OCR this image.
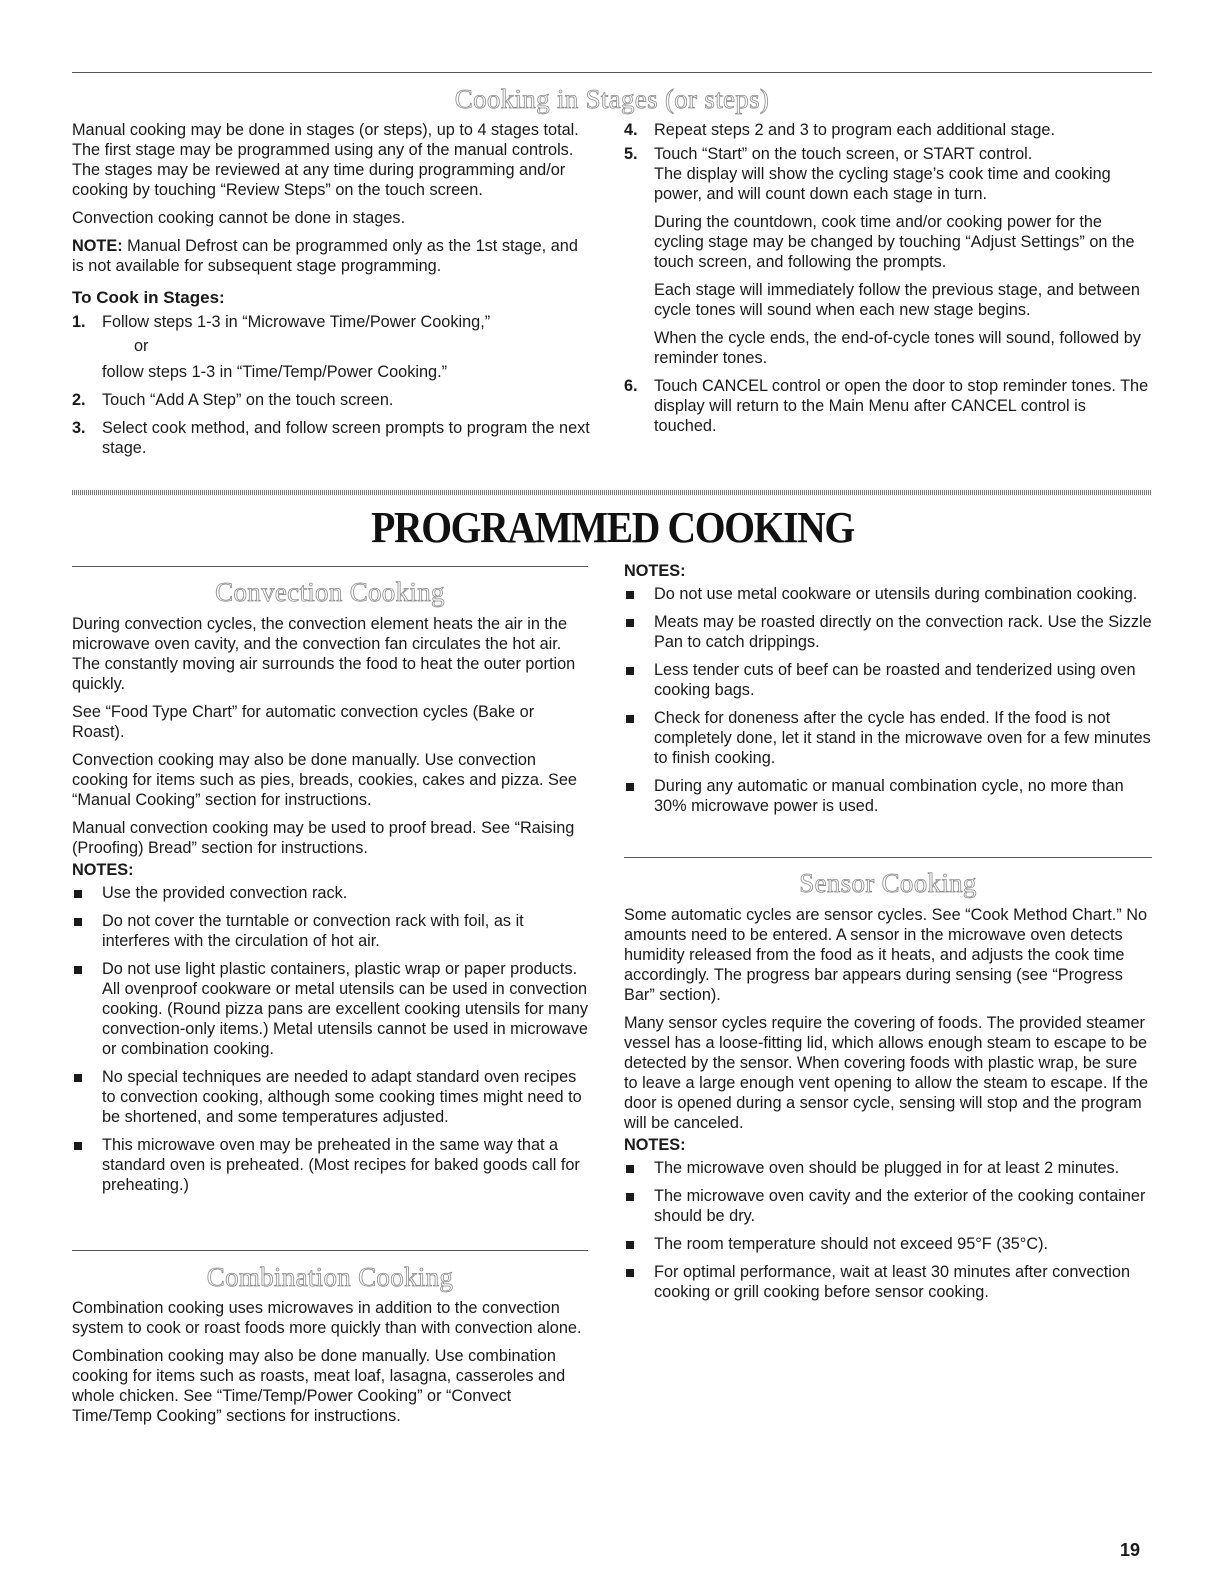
Cooking in Stages (or steps)

Manual cooking may be done in stages (or steps), up to 4 stages total. The first stage may be programmed using any of the manual controls. The stages may be reviewed at any time during programming and/or cooking by touching “Review Steps” on the touch screen.

Convection cooking cannot be done in stages.

NOTE: Manual Defrost can be programmed only as the 1st stage, and is not available for subsequent stage programming.

To Cook in Stages:
1. Follow steps 1-3 in “Microwave Time/Power Cooking,”
or
follow steps 1-3 in “Time/Temp/Power Cooking.”
2. Touch “Add A Step” on the touch screen.
3. Select cook method, and follow screen prompts to program the next stage.
4. Repeat steps 2 and 3 to program each additional stage.
5. Touch “Start” on the touch screen, or START control.

The display will show the cycling stage’s cook time and cooking power, and will count down each stage in turn.

During the countdown, cook time and/or cooking power for the cycling stage may be changed by touching “Adjust Settings” on the touch screen, and following the prompts.

Each stage will immediately follow the previous stage, and between cycle tones will sound when each new stage begins.

When the cycle ends, the end-of-cycle tones will sound, followed by reminder tones.

6. Touch CANCEL control or open the door to stop reminder tones. The display will return to the Main Menu after CANCEL control is touched.
PROGRAMMED COOKING
Convection Cooking

During convection cycles, the convection element heats the air in the microwave oven cavity, and the convection fan circulates the hot air. The constantly moving air surrounds the food to heat the outer portion quickly.

See “Food Type Chart” for automatic convection cycles (Bake or Roast).

Convection cooking may also be done manually. Use convection cooking for items such as pies, breads, cookies, cakes and pizza. See “Manual Cooking” section for instructions.

Manual convection cooking may be used to proof bread. See “Raising (Proofing) Bread” section for instructions.

NOTES:
Use the provided convection rack.
Do not cover the turntable or convection rack with foil, as it interferes with the circulation of hot air.
Do not use light plastic containers, plastic wrap or paper products. All ovenproof cookware or metal utensils can be used in convection cooking. (Round pizza pans are excellent cooking utensils for many convection-only items.) Metal utensils cannot be used in microwave or combination cooking.
No special techniques are needed to adapt standard oven recipes to convection cooking, although some cooking times might need to be shortened, and some temperatures adjusted.
This microwave oven may be preheated in the same way that a standard oven is preheated. (Most recipes for baked goods call for preheating.)
Combination Cooking

Combination cooking uses microwaves in addition to the convection system to cook or roast foods more quickly than with convection alone.

Combination cooking may also be done manually. Use combination cooking for items such as roasts, meat loaf, lasagna, casseroles and whole chicken. See “Time/Temp/Power Cooking” or “Convect Time/Temp Cooking” sections for instructions.

NOTES:
Do not use metal cookware or utensils during combination cooking.
Meats may be roasted directly on the convection rack. Use the Sizzle Pan to catch drippings.
Less tender cuts of beef can be roasted and tenderized using oven cooking bags.
Check for doneness after the cycle has ended. If the food is not completely done, let it stand in the microwave oven for a few minutes to finish cooking.
During any automatic or manual combination cycle, no more than 30% microwave power is used.
Sensor Cooking

Some automatic cycles are sensor cycles. See “Cook Method Chart.” No amounts need to be entered. A sensor in the microwave oven detects humidity released from the food as it heats, and adjusts the cook time accordingly. The progress bar appears during sensing (see “Progress Bar” section).

Many sensor cycles require the covering of foods. The provided steamer vessel has a loose-fitting lid, which allows enough steam to escape to be detected by the sensor. When covering foods with plastic wrap, be sure to leave a large enough vent opening to allow the steam to escape. If the door is opened during a sensor cycle, sensing will stop and the program will be canceled.

NOTES:
The microwave oven should be plugged in for at least 2 minutes.
The microwave oven cavity and the exterior of the cooking container should be dry.
The room temperature should not exceed 95°F (35°C).
For optimal performance, wait at least 30 minutes after convection cooking or grill cooking before sensor cooking.
19
